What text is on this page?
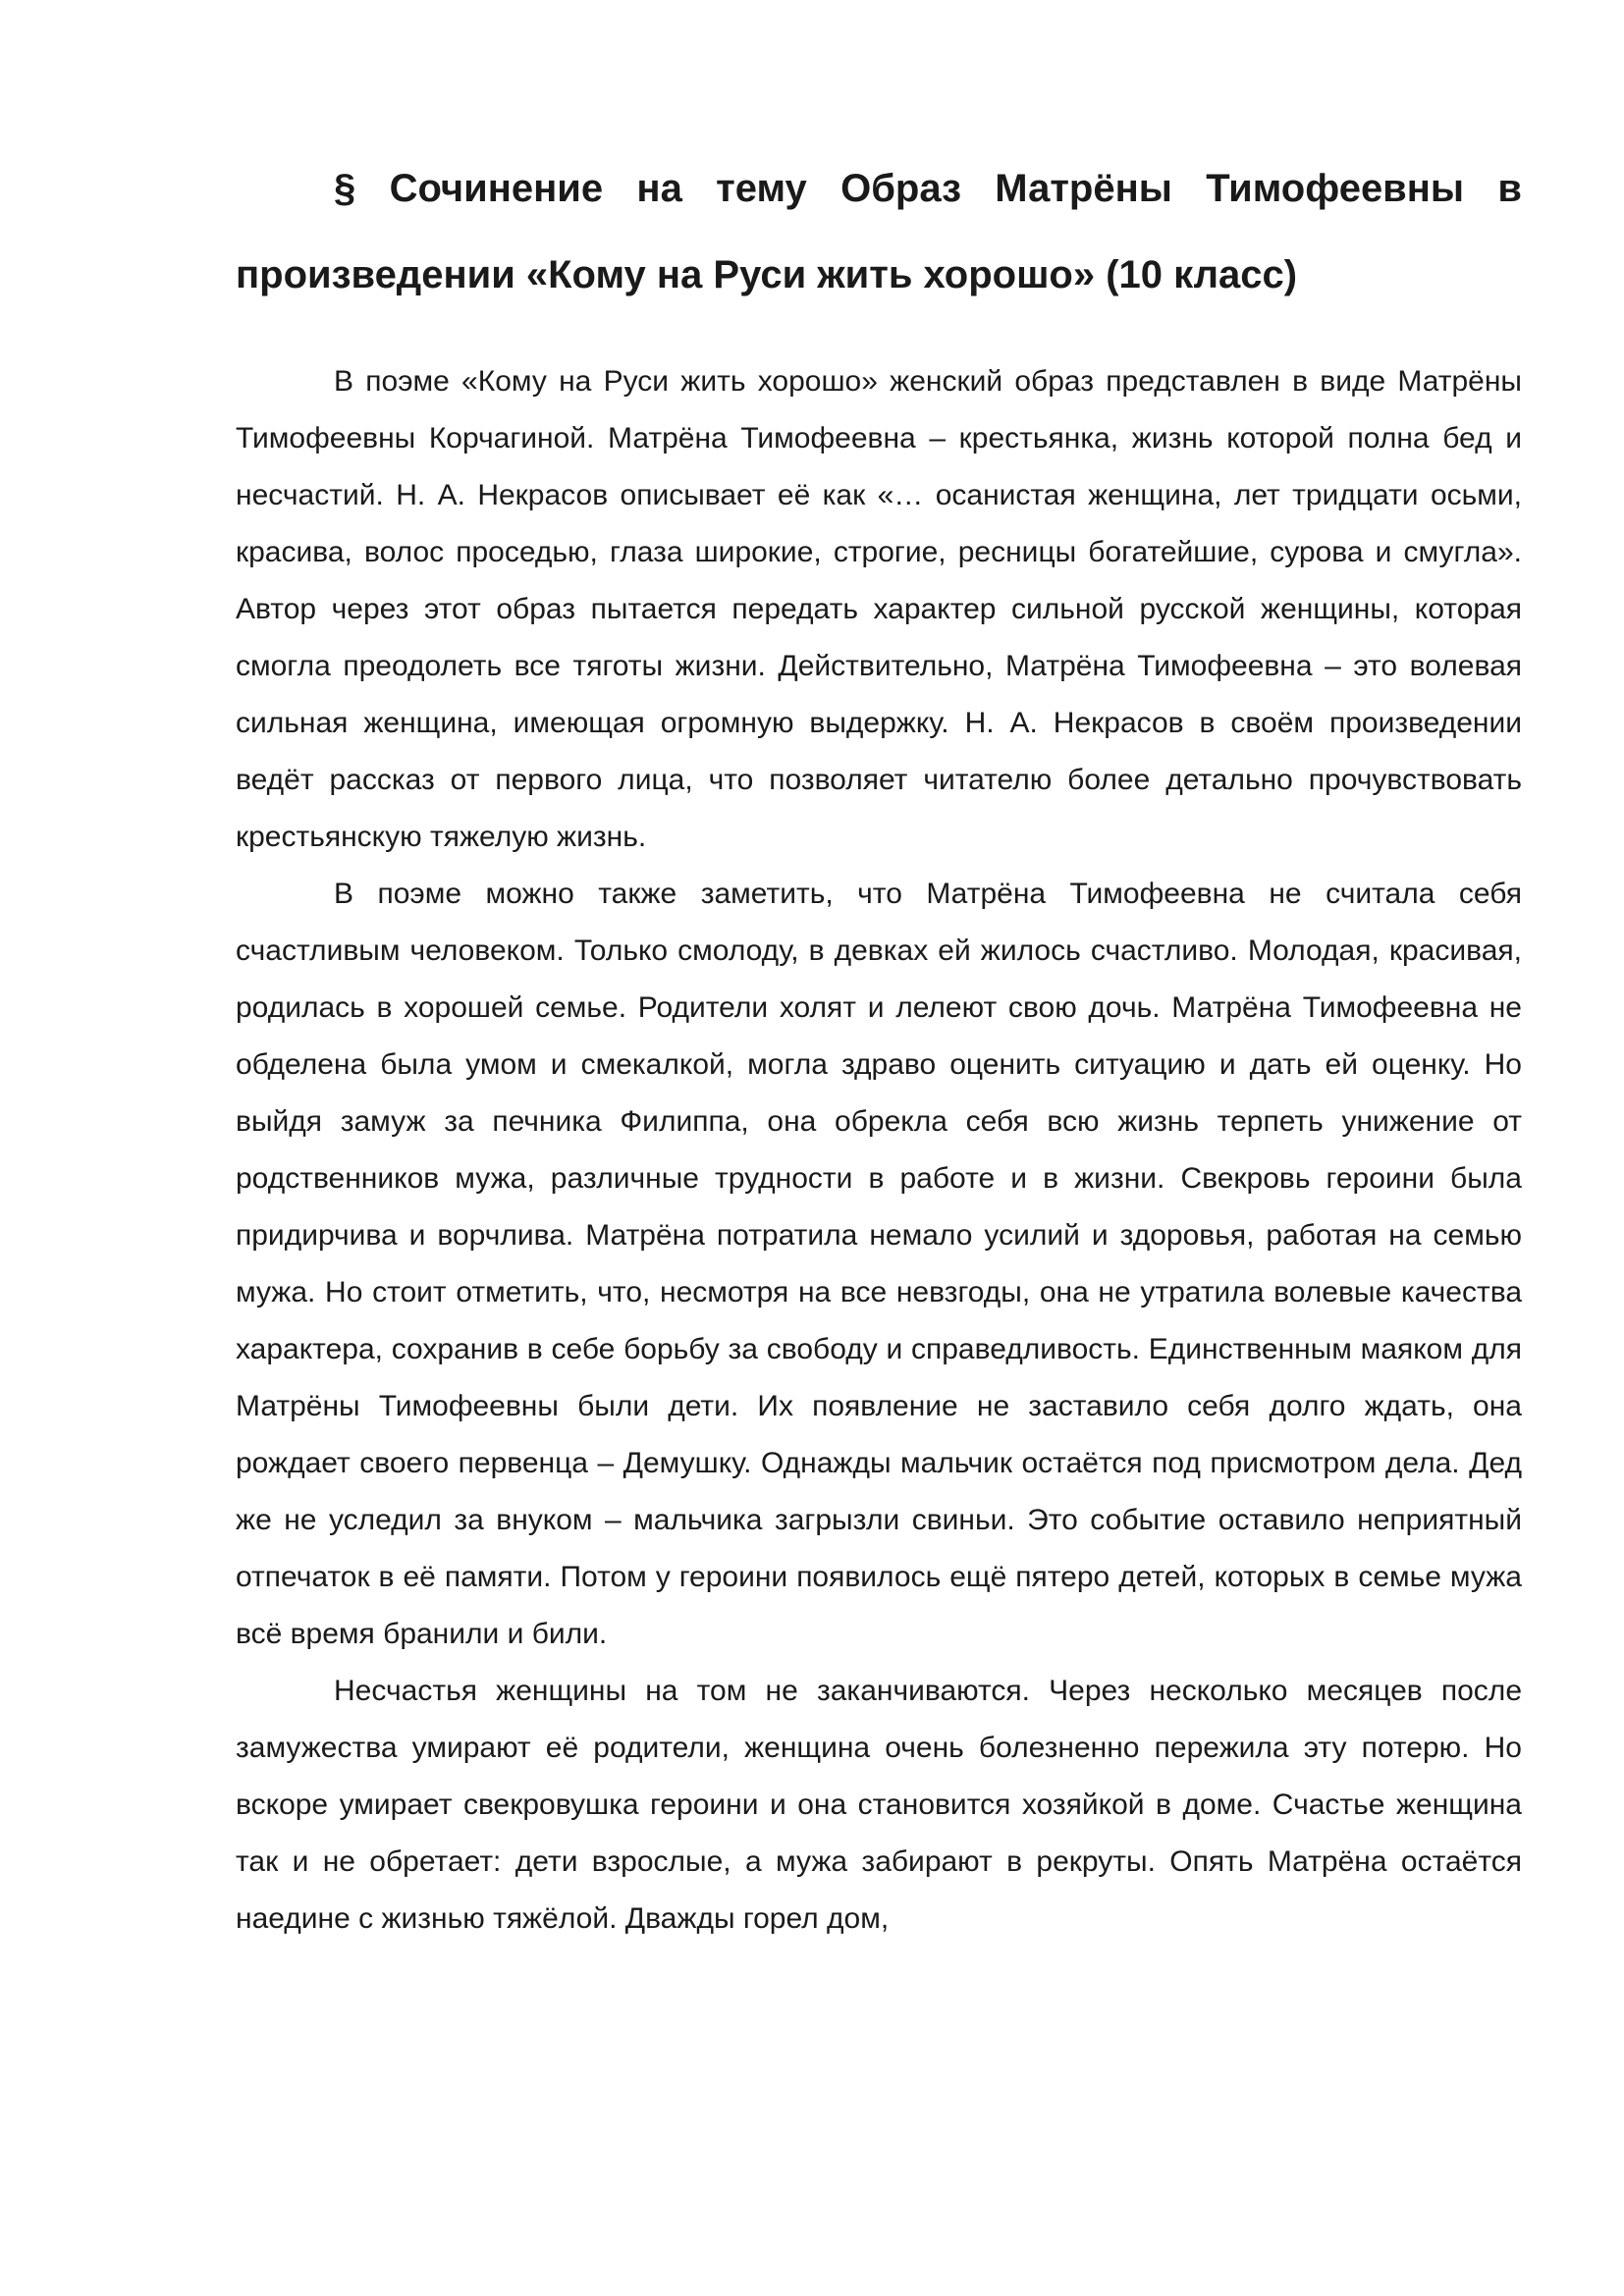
§ Сочинение на тему Образ Матрёны Тимофеевны в произведении «Кому на Руси жить хорошо» (10 класс)

В поэме «Кому на Руси жить хорошо» женский образ представлен в виде Матрёны Тимофеевны Корчагиной. Матрёна Тимофеевна – крестьянка, жизнь которой полна бед и несчастий. Н. А. Некрасов описывает её как «… осанистая женщина, лет тридцати осьми, красива, волос проседью, глаза широкие, строгие, ресницы богатейшие, сурова и смугла». Автор через этот образ пытается передать характер сильной русской женщины, которая смогла преодолеть все тяготы жизни. Действительно, Матрёна Тимофеевна – это волевая сильная женщина, имеющая огромную выдержку. Н. А. Некрасов в своём произведении ведёт рассказ от первого лица, что позволяет читателю более детально прочувствовать крестьянскую тяжелую жизнь.

В поэме можно также заметить, что Матрёна Тимофеевна не считала себя счастливым человеком. Только смолоду, в девках ей жилось счастливо. Молодая, красивая, родилась в хорошей семье. Родители холят и лелеют свою дочь. Матрёна Тимофеевна не обделена была умом и смекалкой, могла здраво оценить ситуацию и дать ей оценку. Но выйдя замуж за печника Филиппа, она обрекла себя всю жизнь терпеть унижение от родственников мужа, различные трудности в работе и в жизни. Свекровь героини была придирчива и ворчлива. Матрёна потратила немало усилий и здоровья, работая на семью мужа. Но стоит отметить, что, несмотря на все невзгоды, она не утратила волевые качества характера, сохранив в себе борьбу за свободу и справедливость. Единственным маяком для Матрёны Тимофеевны были дети. Их появление не заставило себя долго ждать, она рождает своего первенца – Демушку. Однажды мальчик остаётся под присмотром дела. Дед же не уследил за внуком – мальчика загрызли свиньи. Это событие оставило неприятный отпечаток в её памяти. Потом у героини появилось ещё пятеро детей, которых в семье мужа всё время бранили и били.

Несчастья женщины на том не заканчиваются. Через несколько месяцев после замужества умирают её родители, женщина очень болезненно пережила эту потерю. Но вскоре умирает свекровушка героини и она становится хозяйкой в доме. Счастье женщина так и не обретает: дети взрослые, а мужа забирают в рекруты. Опять Матрёна остаётся наедине с жизнью тяжёлой. Дважды горел дом,
